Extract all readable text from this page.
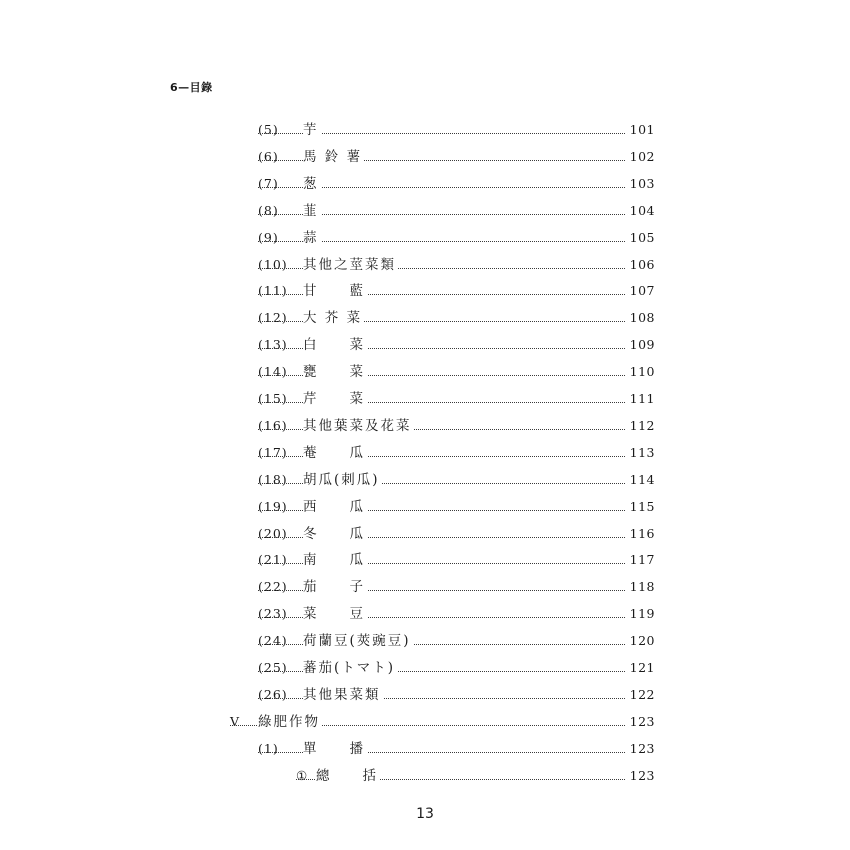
6—目錄
(5) 芋	101
(6) 馬 鈴 薯	102
(7) 葱	103
(8) 韮	104
(9) 蒜	105
(10) 其他之莖菜類	106
(11) 甘　　藍	107
(12) 大 芥 菜	108
(13) 白　　菜	109
(14) 甕　　菜	110
(15) 芹　　菜	111
(16) 其他葉菜及花菜	112
(17) 菴　　瓜	113
(18) 胡瓜(刺瓜)	114
(19) 西　　瓜	115
(20) 冬　　瓜	116
(21) 南　　瓜	117
(22) 茄　　子	118
(23) 菜　　豆	119
(24) 荷蘭豆(莢豌豆)	120
(25) 蕃茄(トマト)	121
(26) 其他果菜類	122
V 綠肥作物	123
(1) 單　　播	123
① 總　　括	123
13
